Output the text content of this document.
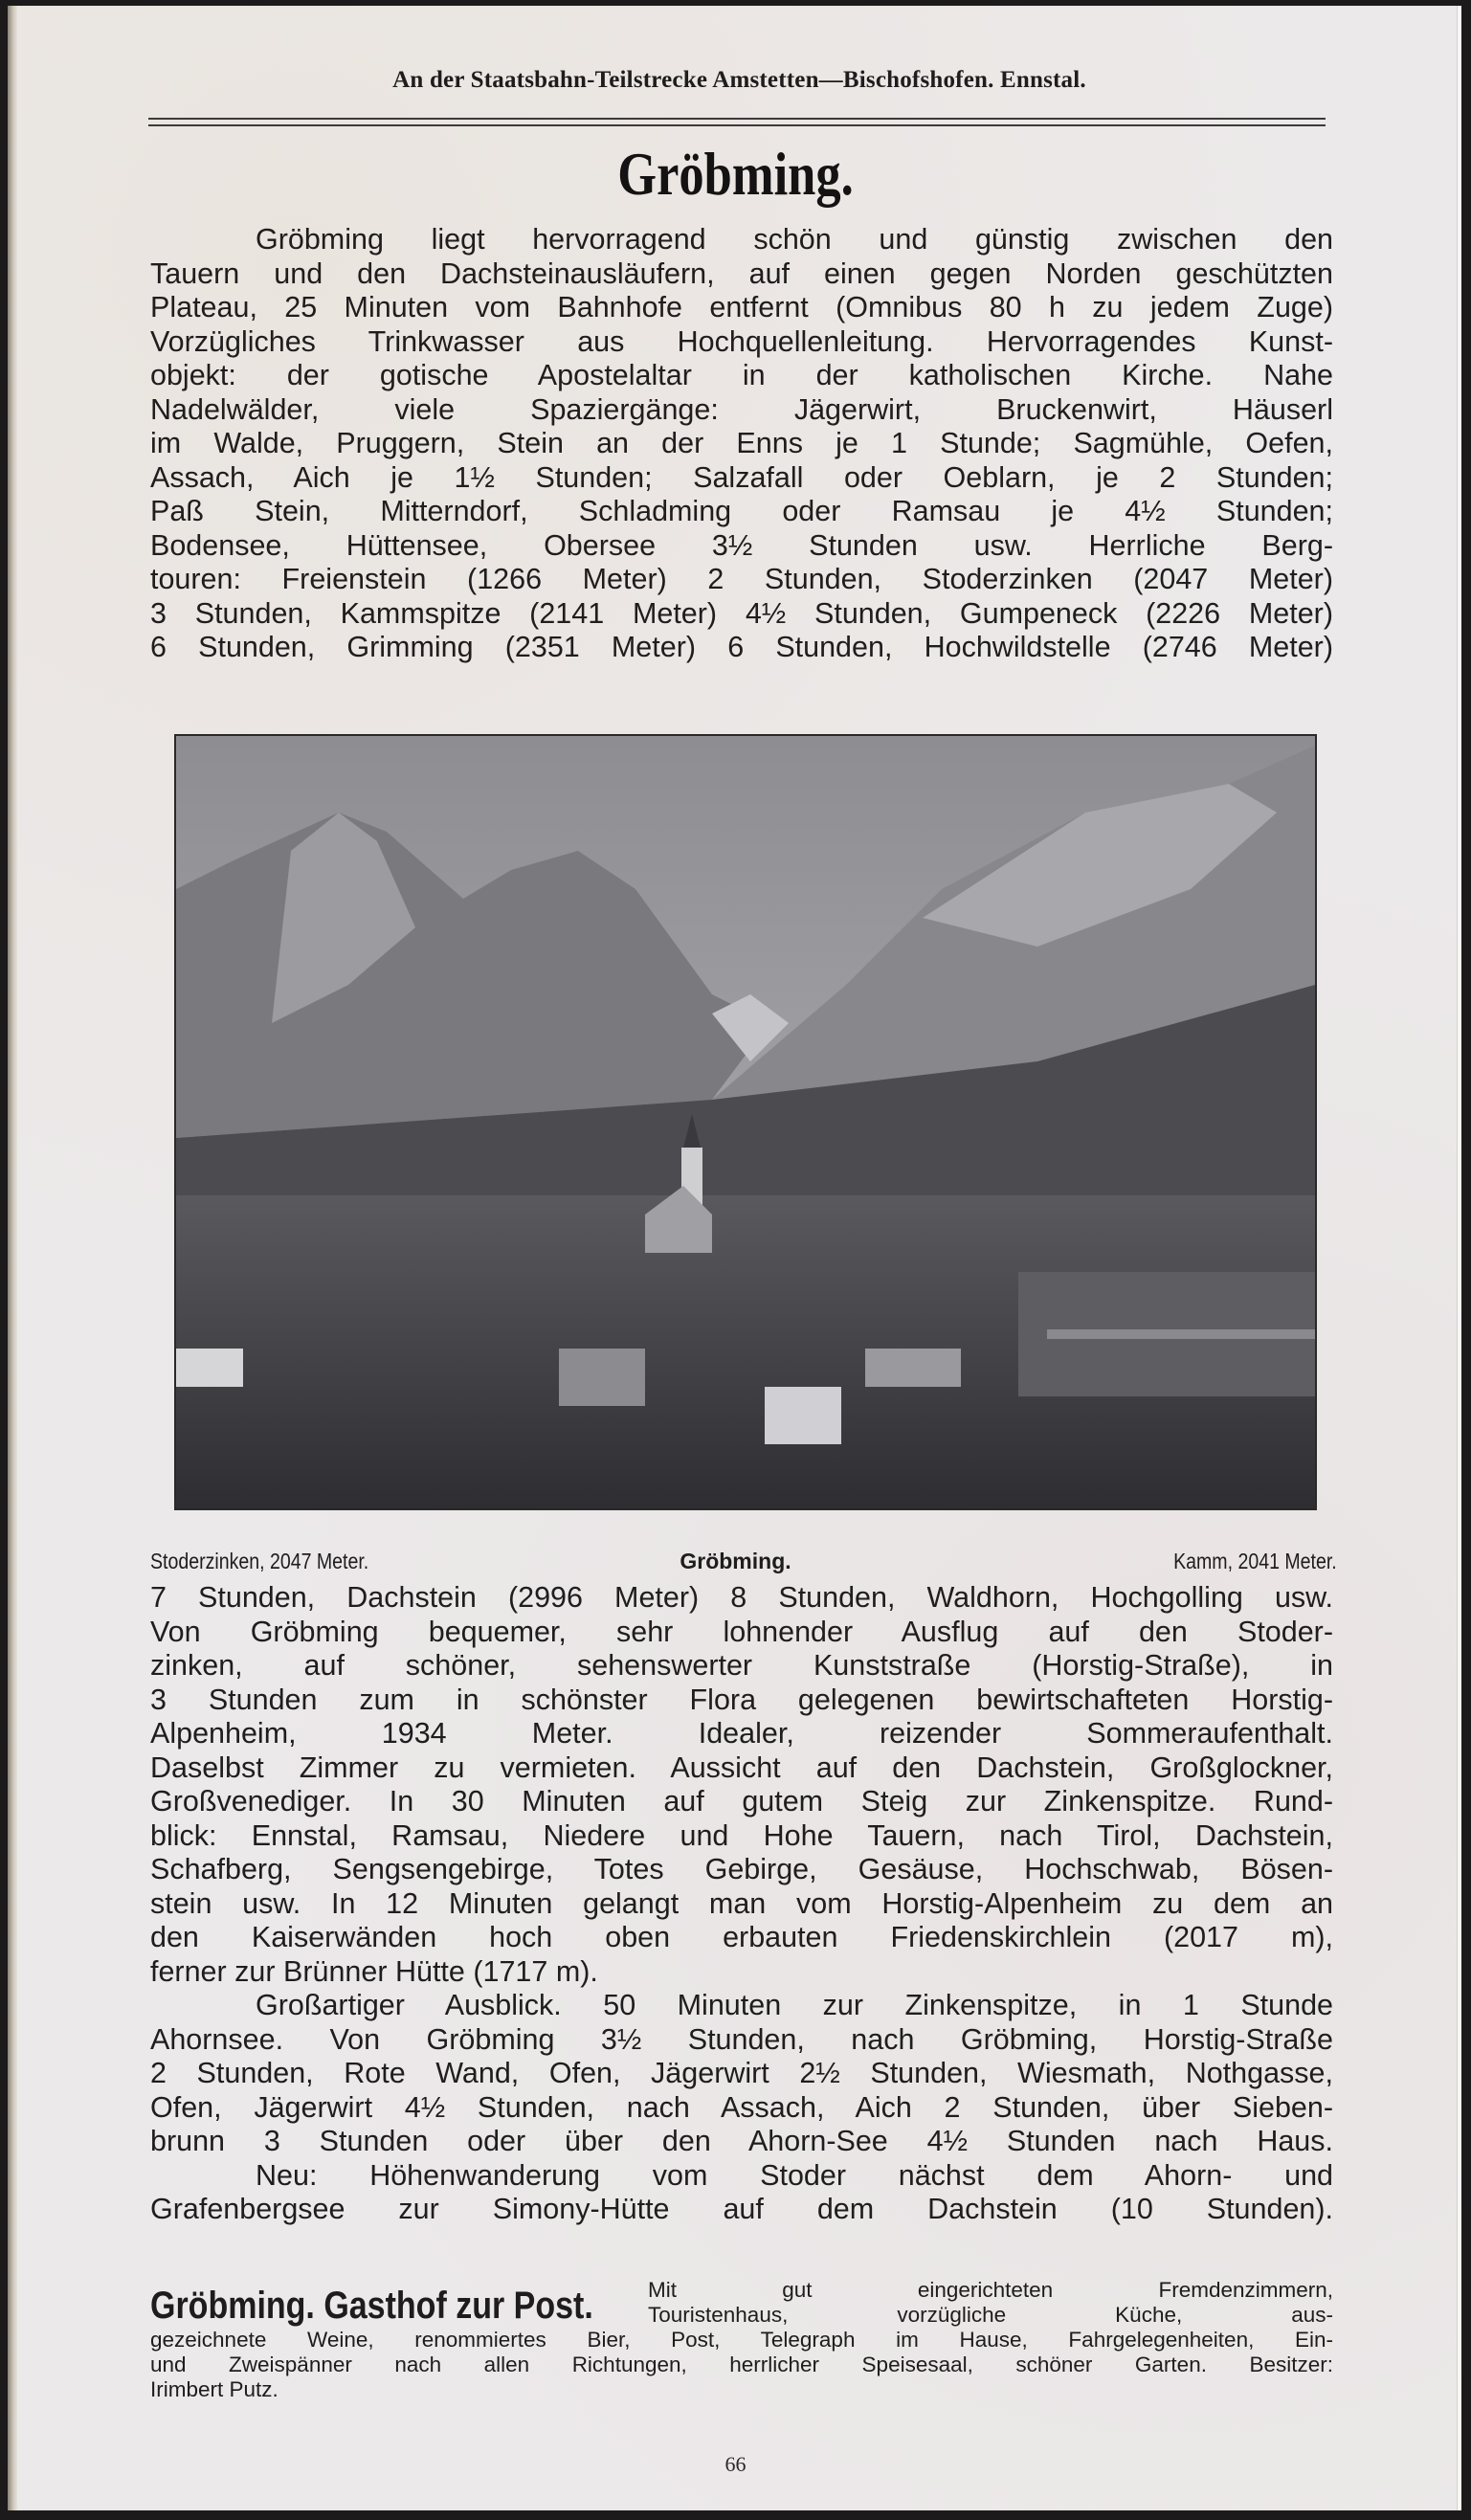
An der Staatsbahn-Teilstrecke Amstetten—Bischofshofen. Ennstal.
Gröbming.
Gröbming liegt hervorragend schön und günstig zwischen den
Tauern und den Dachsteinausläufern, auf einen gegen Norden geschützten
Plateau, 25 Minuten vom Bahnhofe entfernt (Omnibus 80 h zu jedem Zuge)
Vorzügliches Trinkwasser aus Hochquellenleitung. Hervorragendes Kunst-
objekt: der gotische Apostelaltar in der katholischen Kirche. Nahe
Nadelwälder, viele Spaziergänge: Jägerwirt, Bruckenwirt, Häuserl
im Walde, Pruggern, Stein an der Enns je 1 Stunde; Sagmühle, Oefen,
Assach, Aich je 1½ Stunden; Salzafall oder Oeblarn, je 2 Stunden;
Paß Stein, Mitterndorf, Schladming oder Ramsau je 4½ Stunden;
Bodensee, Hüttensee, Obersee 3½ Stunden usw. Herrliche Berg-
touren: Freienstein (1266 Meter) 2 Stunden, Stoderzinken (2047 Meter)
3 Stunden, Kammspitze (2141 Meter) 4½ Stunden, Gumpeneck (2226 Meter)
6 Stunden, Grimming (2351 Meter) 6 Stunden, Hochwildstelle (2746 Meter)
Stoderzinken, 2047 Meter.	Gröbming.	Kamm, 2041 Meter.
7 Stunden, Dachstein (2996 Meter) 8 Stunden, Waldhorn, Hochgolling usw.
Von Gröbming bequemer, sehr lohnender Ausflug auf den Stoder-
zinken, auf schöner, sehenswerter Kunststraße (Horstig-Straße), in
3 Stunden zum in schönster Flora gelegenen bewirtschafteten Horstig-
Alpenheim, 1934 Meter. Idealer, reizender Sommeraufenthalt.
Daselbst Zimmer zu vermieten. Aussicht auf den Dachstein, Großglockner,
Großvenediger. In 30 Minuten auf gutem Steig zur Zinkenspitze. Rund-
blick: Ennstal, Ramsau, Niedere und Hohe Tauern, nach Tirol, Dachstein,
Schafberg, Sengsengebirge, Totes Gebirge, Gesäuse, Hochschwab, Bösen-
stein usw. In 12 Minuten gelangt man vom Horstig-Alpenheim zu dem an
den Kaiserwänden hoch oben erbauten Friedenskirchlein (2017 m),
ferner zur Brünner Hütte (1717 m).
Großartiger Ausblick. 50 Minuten zur Zinkenspitze, in 1 Stunde
Ahornsee. Von Gröbming 3½ Stunden, nach Gröbming, Horstig-Straße
2 Stunden, Rote Wand, Ofen, Jägerwirt 2½ Stunden, Wiesmath, Nothgasse,
Ofen, Jägerwirt 4½ Stunden, nach Assach, Aich 2 Stunden, über Sieben-
brunn 3 Stunden oder über den Ahorn-See 4½ Stunden nach Haus.
Neu: Höhenwanderung vom Stoder nächst dem Ahorn- und
Grafenbergsee zur Simony-Hütte auf dem Dachstein (10 Stunden).
Gröbming. Gasthof zur Post.	Mit gut eingerichteten Fremdenzimmern,
Touristenhaus, vorzügliche Küche, aus-
gezeichnete Weine, renommiertes Bier, Post, Telegraph im Hause, Fahrgelegenheiten, Ein-
und Zweispänner nach allen Richtungen, herrlicher Speisesaal, schöner Garten. Besitzer:
Irimbert Putz.
66
